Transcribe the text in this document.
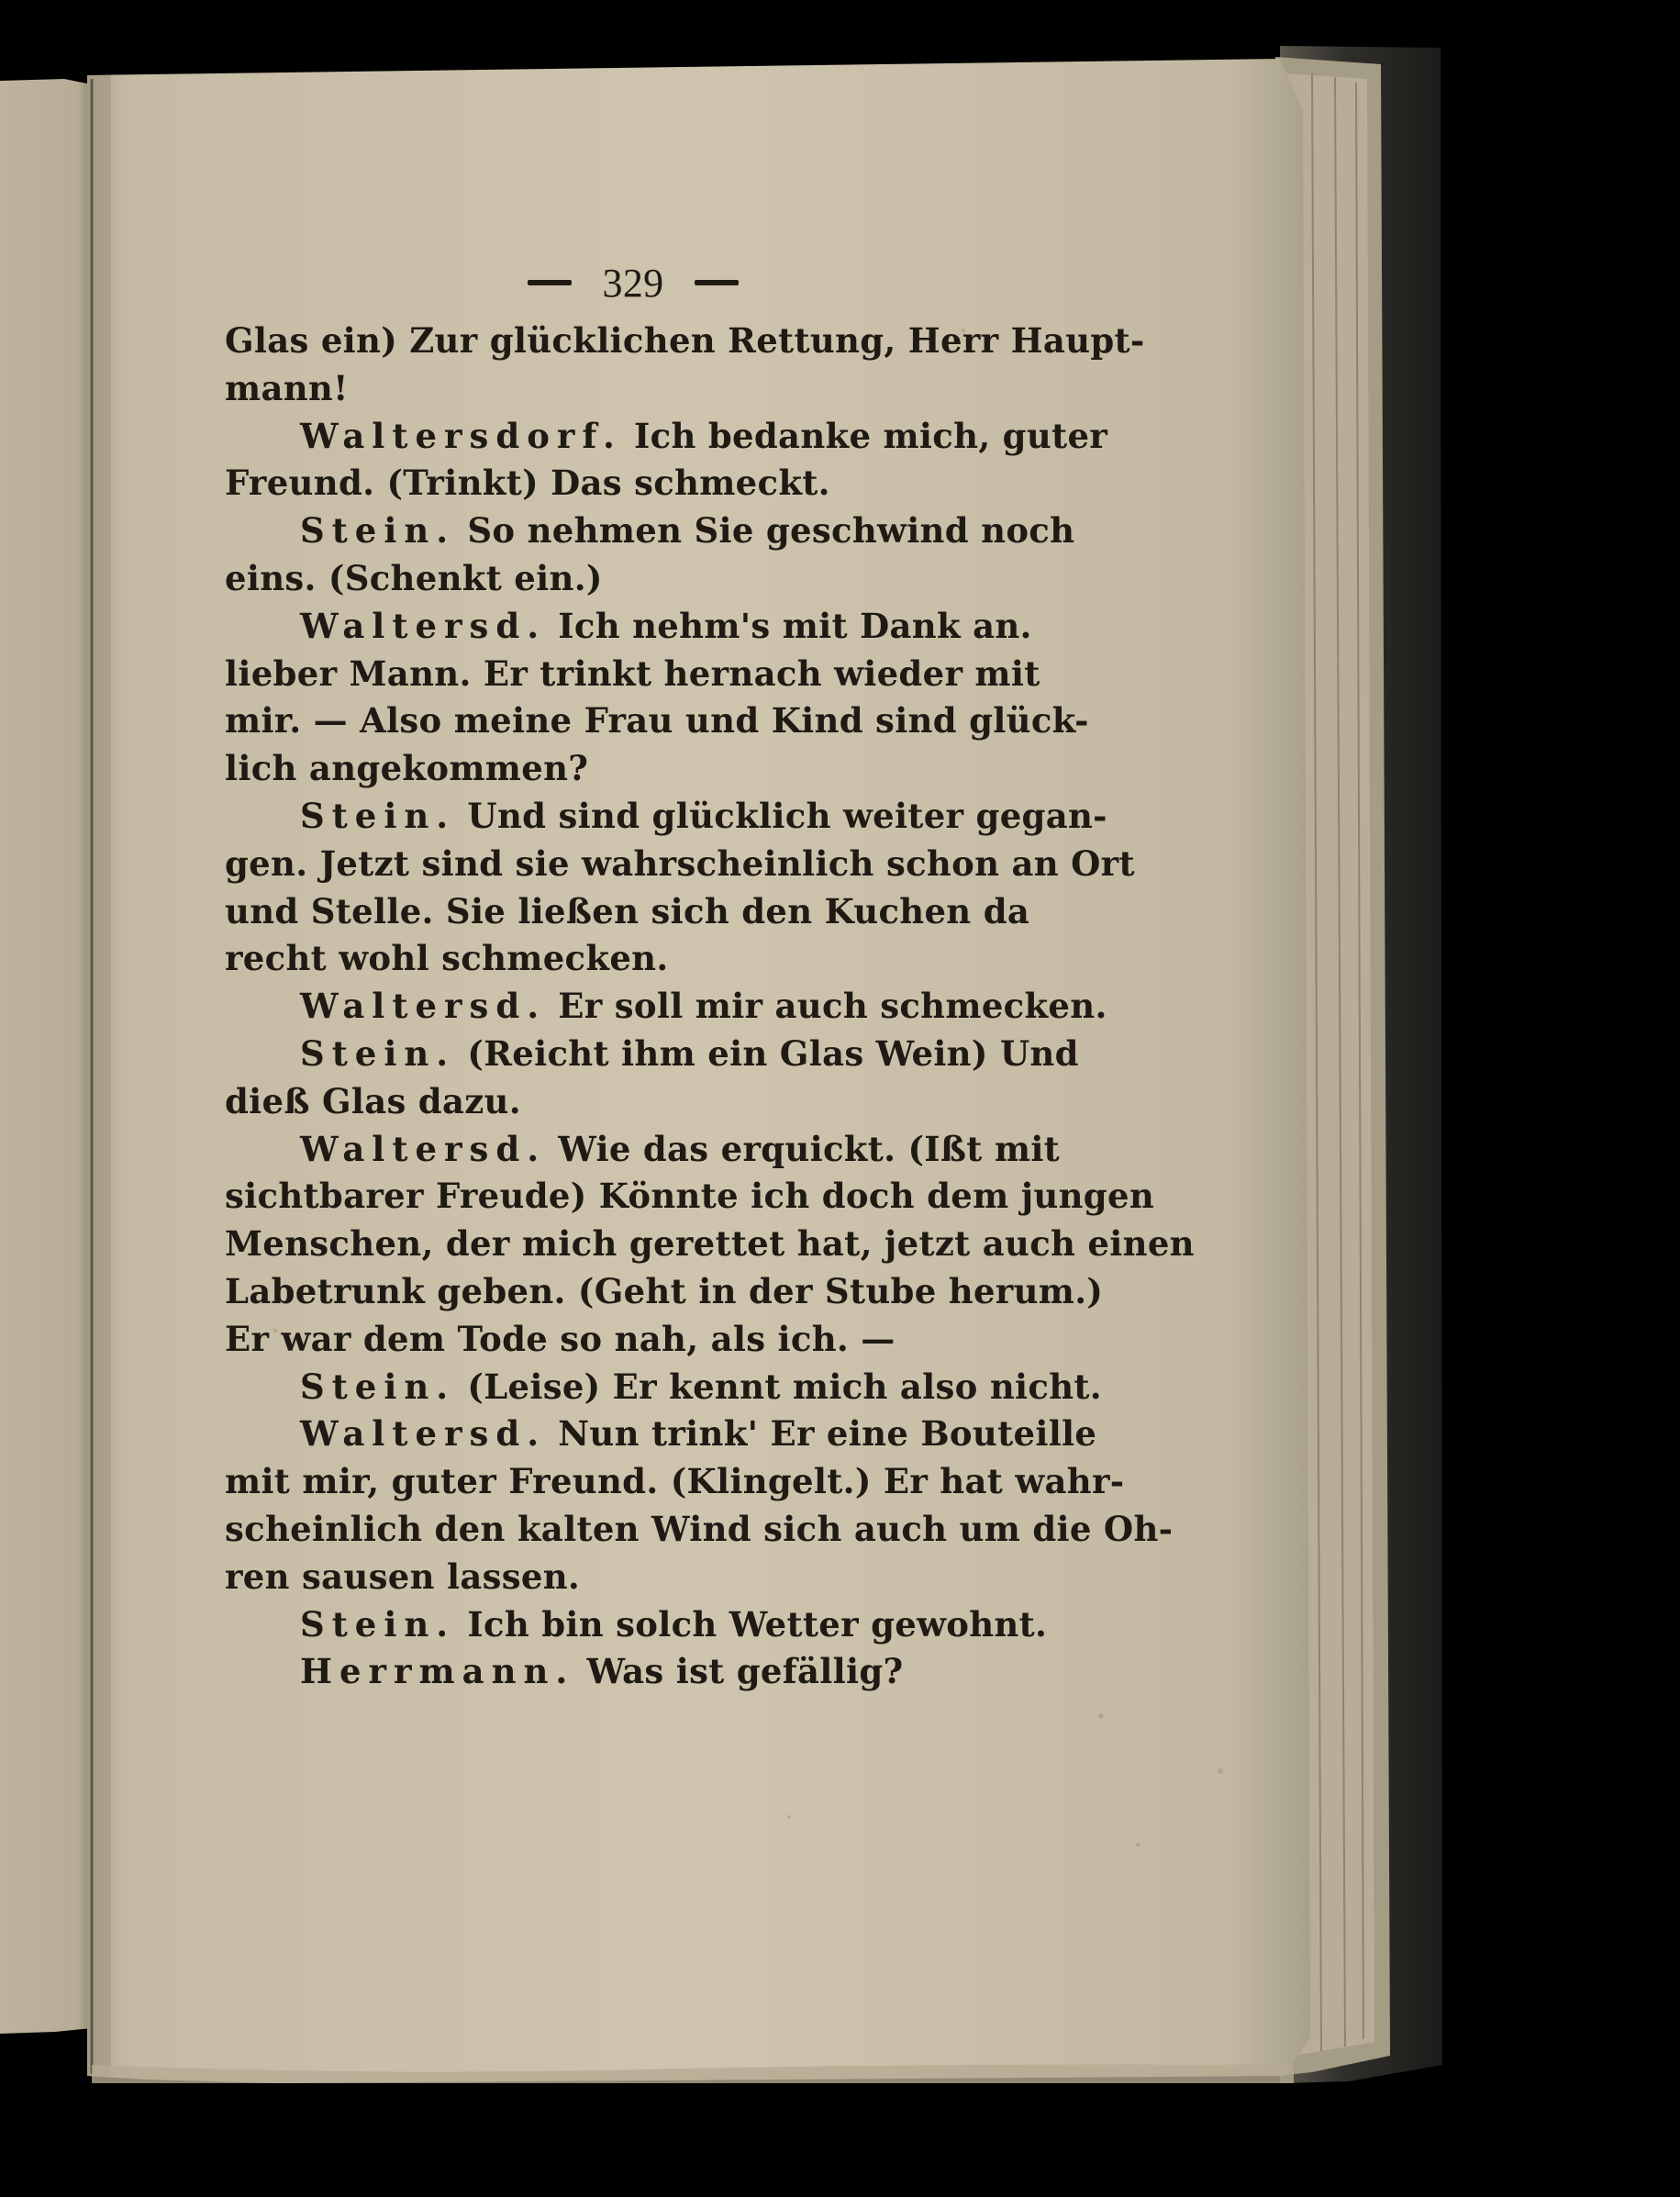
329
Glas ein) Zur glücklichen Rettung, Herr Haupt-
mann!
Waltersdorf. Ich bedanke mich, guter
Freund. (Trinkt) Das schmeckt.
Stein. So nehmen Sie geschwind noch
eins. (Schenkt ein.)
Waltersd. Ich nehm's mit Dank an.
lieber Mann. Er trinkt hernach wieder mit
mir. — Also meine Frau und Kind sind glück-
lich angekommen?
Stein. Und sind glücklich weiter gegan-
gen. Jetzt sind sie wahrscheinlich schon an Ort
und Stelle. Sie ließen sich den Kuchen da
recht wohl schmecken.
Waltersd. Er soll mir auch schmecken.
Stein. (Reicht ihm ein Glas Wein) Und
dieß Glas dazu.
Waltersd. Wie das erquickt. (Ißt mit
sichtbarer Freude) Könnte ich doch dem jungen
Menschen, der mich gerettet hat, jetzt auch einen
Labetrunk geben. (Geht in der Stube herum.)
Er war dem Tode so nah, als ich. —
Stein. (Leise) Er kennt mich also nicht.
Waltersd. Nun trink' Er eine Bouteille
mit mir, guter Freund. (Klingelt.) Er hat wahr-
scheinlich den kalten Wind sich auch um die Oh-
ren sausen lassen.
Stein. Ich bin solch Wetter gewohnt.
Herrmann. Was ist gefällig?
